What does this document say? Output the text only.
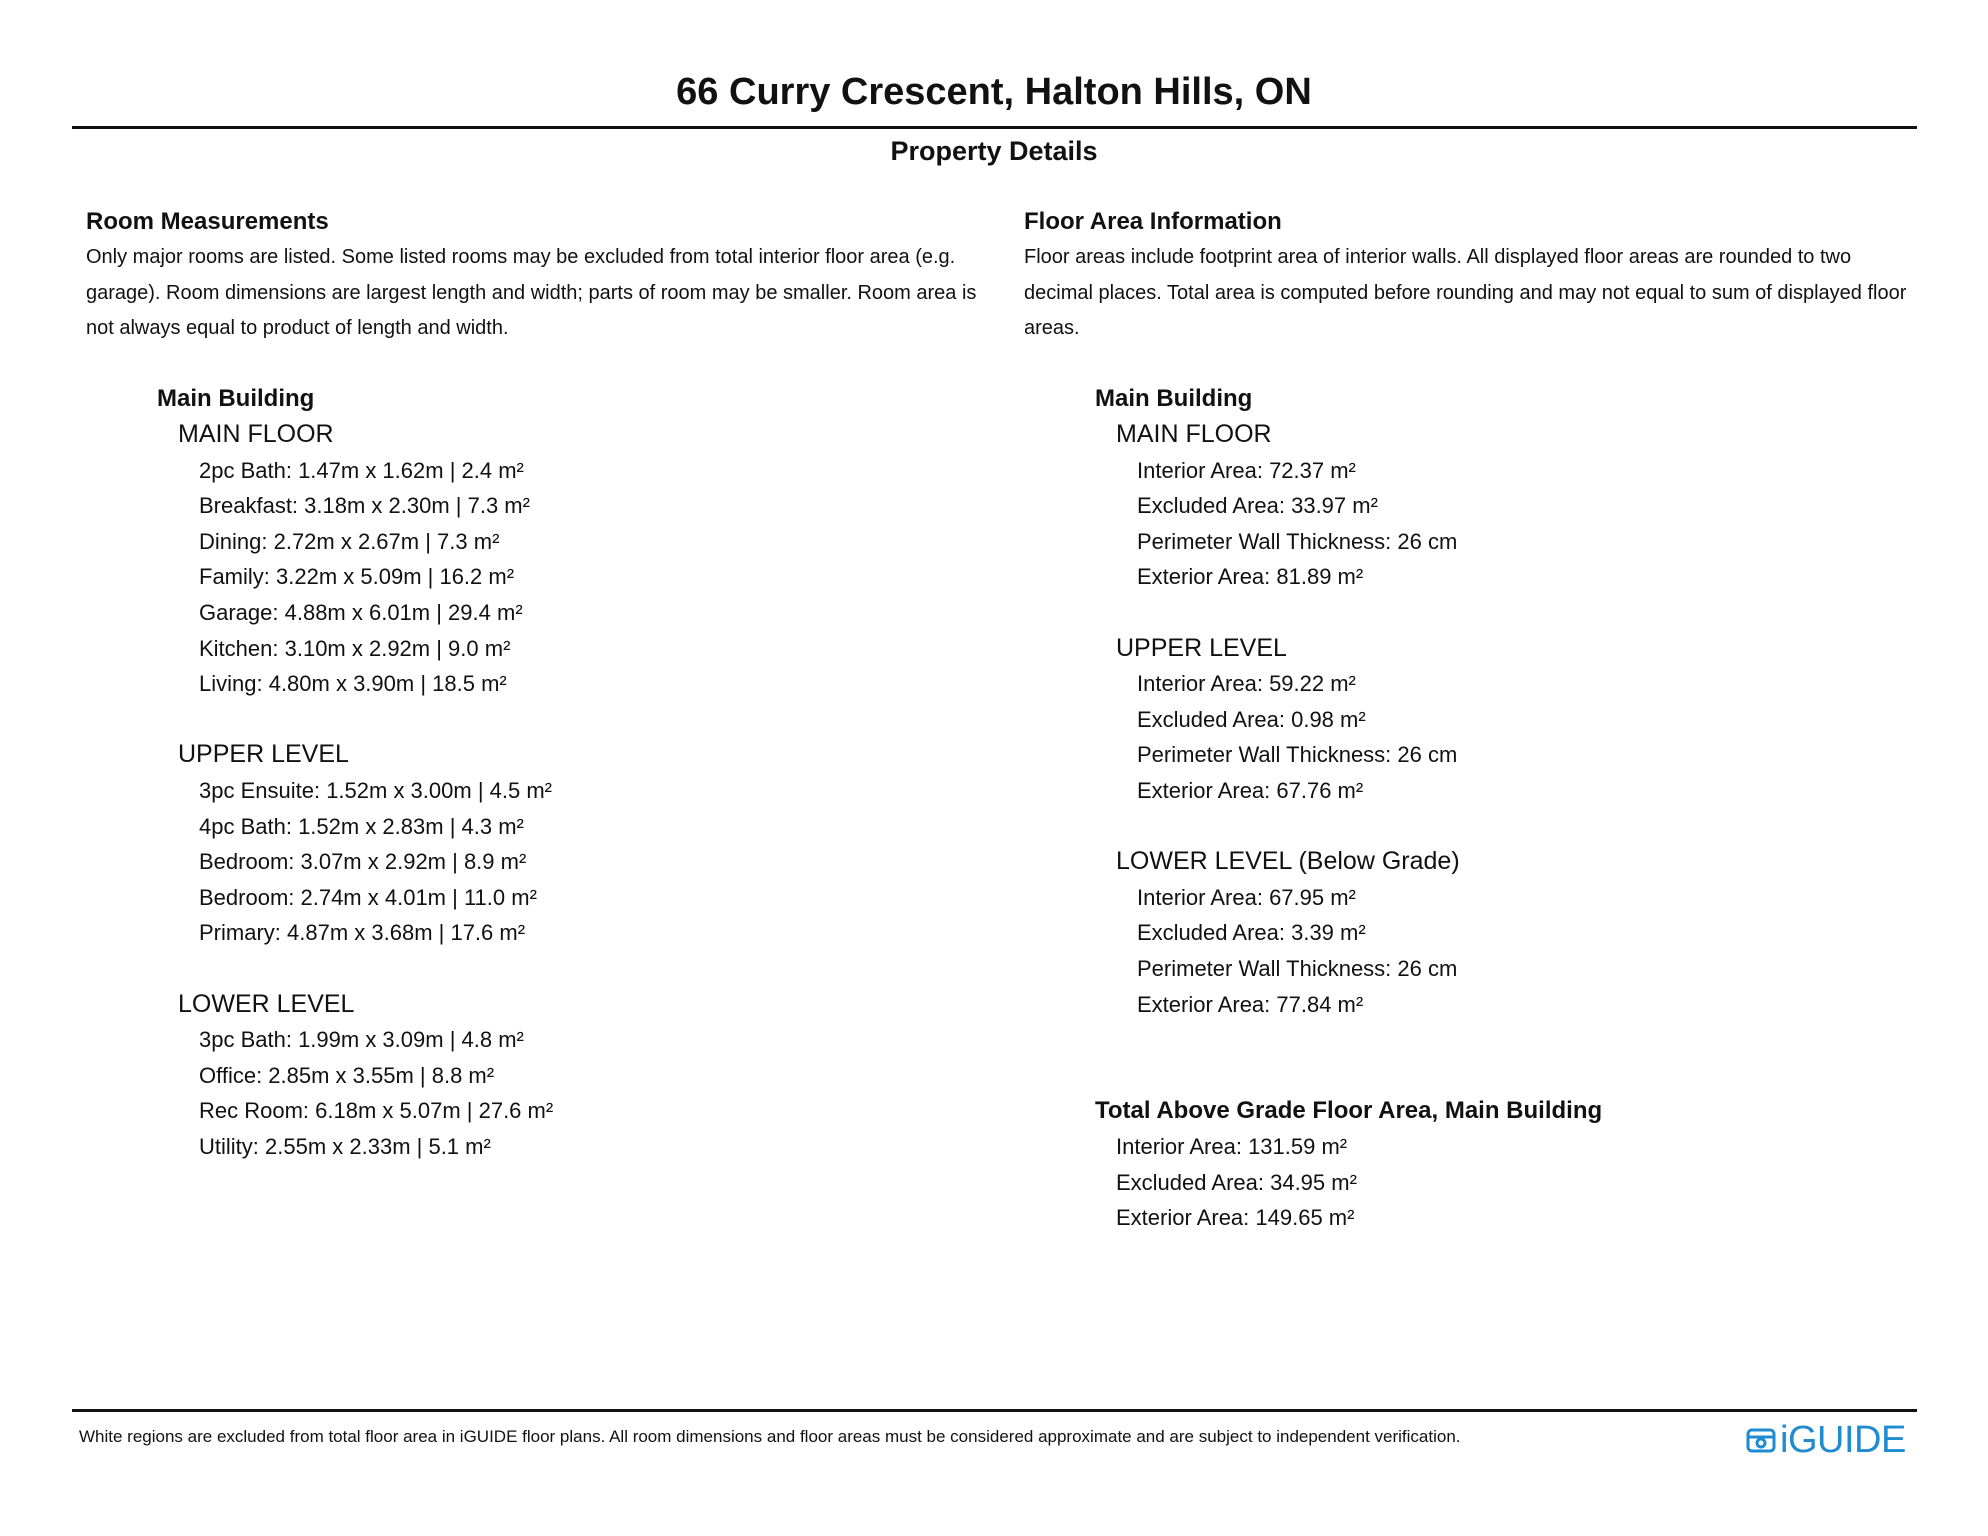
66 Curry Crescent, Halton Hills, ON
Property Details
Room Measurements
Only major rooms are listed. Some listed rooms may be excluded from total interior floor area (e.g. garage). Room dimensions are largest length and width; parts of room may be smaller. Room area is not always equal to product of length and width.
Main Building
MAIN FLOOR
2pc Bath: 1.47m x 1.62m | 2.4 m²
Breakfast: 3.18m x 2.30m | 7.3 m²
Dining: 2.72m x 2.67m | 7.3 m²
Family: 3.22m x 5.09m | 16.2 m²
Garage: 4.88m x 6.01m | 29.4 m²
Kitchen: 3.10m x 2.92m | 9.0 m²
Living: 4.80m x 3.90m | 18.5 m²
UPPER LEVEL
3pc Ensuite: 1.52m x 3.00m | 4.5 m²
4pc Bath: 1.52m x 2.83m | 4.3 m²
Bedroom: 3.07m x 2.92m | 8.9 m²
Bedroom: 2.74m x 4.01m | 11.0 m²
Primary: 4.87m x 3.68m | 17.6 m²
LOWER LEVEL
3pc Bath: 1.99m x 3.09m | 4.8 m²
Office: 2.85m x 3.55m | 8.8 m²
Rec Room: 6.18m x 5.07m | 27.6 m²
Utility: 2.55m x 2.33m | 5.1 m²
Floor Area Information
Floor areas include footprint area of interior walls. All displayed floor areas are rounded to two decimal places. Total area is computed before rounding and may not equal to sum of displayed floor areas.
Main Building
MAIN FLOOR
Interior Area: 72.37 m²
Excluded Area: 33.97 m²
Perimeter Wall Thickness: 26 cm
Exterior Area: 81.89 m²
UPPER LEVEL
Interior Area: 59.22 m²
Excluded Area: 0.98 m²
Perimeter Wall Thickness: 26 cm
Exterior Area: 67.76 m²
LOWER LEVEL (Below Grade)
Interior Area: 67.95 m²
Excluded Area: 3.39 m²
Perimeter Wall Thickness: 26 cm
Exterior Area: 77.84 m²
Total Above Grade Floor Area, Main Building
Interior Area: 131.59 m²
Excluded Area: 34.95 m²
Exterior Area: 149.65 m²
White regions are excluded from total floor area in iGUIDE floor plans. All room dimensions and floor areas must be considered approximate and are subject to independent verification.	iGUIDE
